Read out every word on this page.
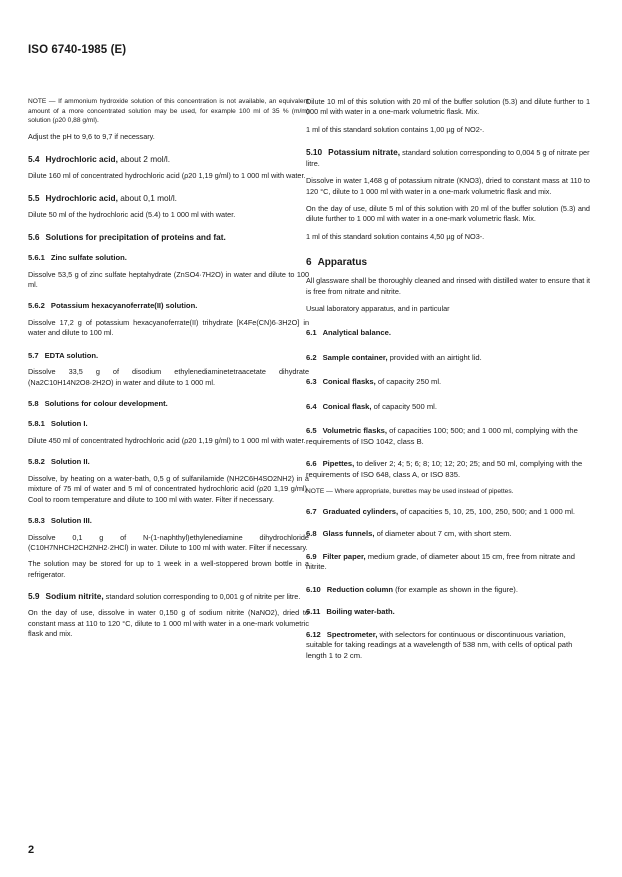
ISO 6740-1985 (E)

NOTE — If ammonium hydroxide solution of this concentration is not available, an equivalent amount of a more concentrated solution may be used, for example 100 ml of 35 % (m/m) solution (ρ20 0,88 g/ml).

Adjust the pH to 9,6 to 9,7 if necessary.

5.4 Hydrochloric acid, about 2 mol/l.

Dilute 160 ml of concentrated hydrochloric acid (ρ20 1,19 g/ml) to 1 000 ml with water.

5.5 Hydrochloric acid, about 0,1 mol/l.

Dilute 50 ml of the hydrochloric acid (5.4) to 1 000 ml with water.

5.6 Solutions for precipitation of proteins and fat.

5.6.1 Zinc sulfate solution.

Dissolve 53,5 g of zinc sulfate heptahydrate (ZnSO4·7H2O) in water and dilute to 100 ml.

5.6.2 Potassium hexacyanoferrate(II) solution.

Dissolve 17,2 g of potassium hexacyanoferrate(II) trihydrate [K4Fe(CN)6·3H2O] in water and dilute to 100 ml.

5.7 EDTA solution.

Dissolve 33,5 g of disodium ethylenediaminetetraacetate dihydrate (Na2C10H14N2O8·2H2O) in water and dilute to 1 000 ml.

5.8 Solutions for colour development.

5.8.1 Solution I.

Dilute 450 ml of concentrated hydrochloric acid (ρ20 1,19 g/ml) to 1 000 ml with water.

5.8.2 Solution II.

Dissolve, by heating on a water-bath, 0,5 g of sulfanilamide (NH2C6H4SO2NH2) in a mixture of 75 ml of water and 5 ml of concentrated hydrochloric acid (ρ20 1,19 g/ml). Cool to room temperature and dilute to 100 ml with water. Filter if necessary.

5.8.3 Solution III.

Dissolve 0,1 g of N-(1-naphthyl)ethylenediamine dihydrochloride (C10H7NHCH2CH2NH2·2HCl) in water. Dilute to 100 ml with water. Filter if necessary.

The solution may be stored for up to 1 week in a well-stoppered brown bottle in a refrigerator.

5.9 Sodium nitrite, standard solution corresponding to 0,001 g of nitrite per litre.

On the day of use, dissolve in water 0,150 g of sodium nitrite (NaNO2), dried to constant mass at 110 to 120 °C, dilute to 1 000 ml with water in a one-mark volumetric flask and mix.

Dilute 10 ml of this solution with 20 ml of the buffer solution (5.3) and dilute further to 1 000 ml with water in a one-mark volumetric flask. Mix.

1 ml of this standard solution contains 1,00 µg of NO2-.

5.10 Potassium nitrate, standard solution corresponding to 0,004 5 g of nitrate per litre.

Dissolve in water 1,468 g of potassium nitrate (KNO3), dried to constant mass at 110 to 120 °C, dilute to 1 000 ml with water in a one-mark volumetric flask and mix.

On the day of use, dilute 5 ml of this solution with 20 ml of the buffer solution (5.3) and dilute further to 1 000 ml with water in a one-mark volumetric flask. Mix.

1 ml of this standard solution contains 4,50 µg of NO3-.

6 Apparatus

All glassware shall be thoroughly cleaned and rinsed with distilled water to ensure that it is free from nitrate and nitrite.

Usual laboratory apparatus, and in particular

6.1 Analytical balance.

6.2 Sample container, provided with an airtight lid.

6.3 Conical flasks, of capacity 250 ml.

6.4 Conical flask, of capacity 500 ml.

6.5 Volumetric flasks, of capacities 100; 500; and 1 000 ml, complying with the requirements of ISO 1042, class B.

6.6 Pipettes, to deliver 2; 4; 5; 6; 8; 10; 12; 20; 25; and 50 ml, complying with the requirements of ISO 648, class A, or ISO 835.

NOTE — Where appropriate, burettes may be used instead of pipettes.

6.7 Graduated cylinders, of capacities 5, 10, 25, 100, 250, 500; and 1 000 ml.

6.8 Glass funnels, of diameter about 7 cm, with short stem.

6.9 Filter paper, medium grade, of diameter about 15 cm, free from nitrate and nitrite.

6.10 Reduction column (for example as shown in the figure).

6.11 Boiling water-bath.

6.12 Spectrometer, with selectors for continuous or discontinuous variation, suitable for taking readings at a wavelength of 538 nm, with cells of optical path length 1 to 2 cm.

2
